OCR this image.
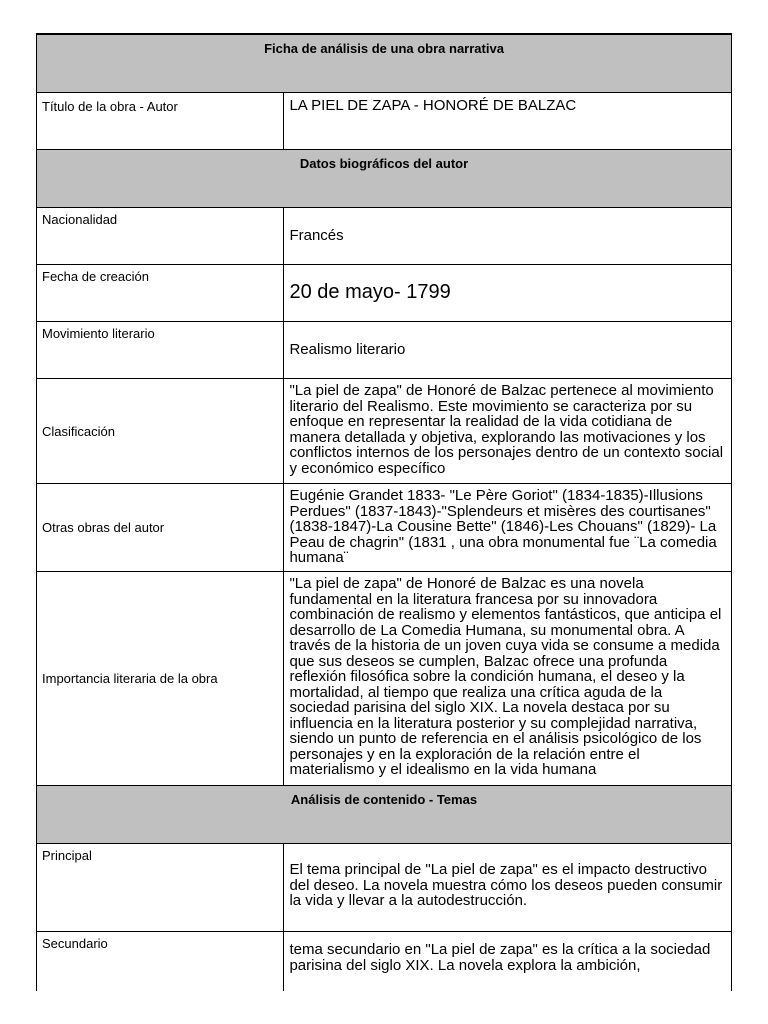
Ficha de análisis de una obra narrativa	
Título de la obra - Autor	LA PIEL DE ZAPA - HONORÉ DE BALZAC
Datos biográficos del autor	
Nacionalidad	Francés
Fecha de creación	20 de mayo- 1799
Movimiento literario	Realismo literario
Clasificación	"La piel de zapa" de Honoré de Balzac pertenece al movimiento literario del Realismo. Este movimiento se caracteriza por su enfoque en representar la realidad de la vida cotidiana de manera detallada y objetiva, explorando las motivaciones y los conflictos internos de los personajes dentro de un contexto social y económico específico
Otras obras del autor	Eugénie Grandet 1833- "Le Père Goriot" (1834-1835)-Illusions Perdues" (1837-1843)-"Splendeurs et misères des courtisanes" (1838-1847)-La Cousine Bette" (1846)-Les Chouans" (1829)- La Peau de chagrin" (1831 , una obra monumental fue ¨La comedia humana¨
Importancia literaria de la obra	"La piel de zapa" de Honoré de Balzac es una novela fundamental en la literatura francesa por su innovadora combinación de realismo y elementos fantásticos, que anticipa el desarrollo de La Comedia Humana, su monumental obra. A través de la historia de un joven cuya vida se consume a medida que sus deseos se cumplen, Balzac ofrece una profunda reflexión filosófica sobre la condición humana, el deseo y la mortalidad, al tiempo que realiza una crítica aguda de la sociedad parisina del siglo XIX. La novela destaca por su influencia en la literatura posterior y su complejidad narrativa, siendo un punto de referencia en el análisis psicológico de los personajes y en la exploración de la relación entre el materialismo y el idealismo en la vida humana
Análisis de contenido - Temas	
Principal	El tema principal de "La piel de zapa" es el impacto destructivo del deseo. La novela muestra cómo los deseos pueden consumir la vida y llevar a la autodestrucción.
Secundario	tema secundario en "La piel de zapa" es la crítica a la sociedad parisina del siglo XIX. La novela explora la ambición,
